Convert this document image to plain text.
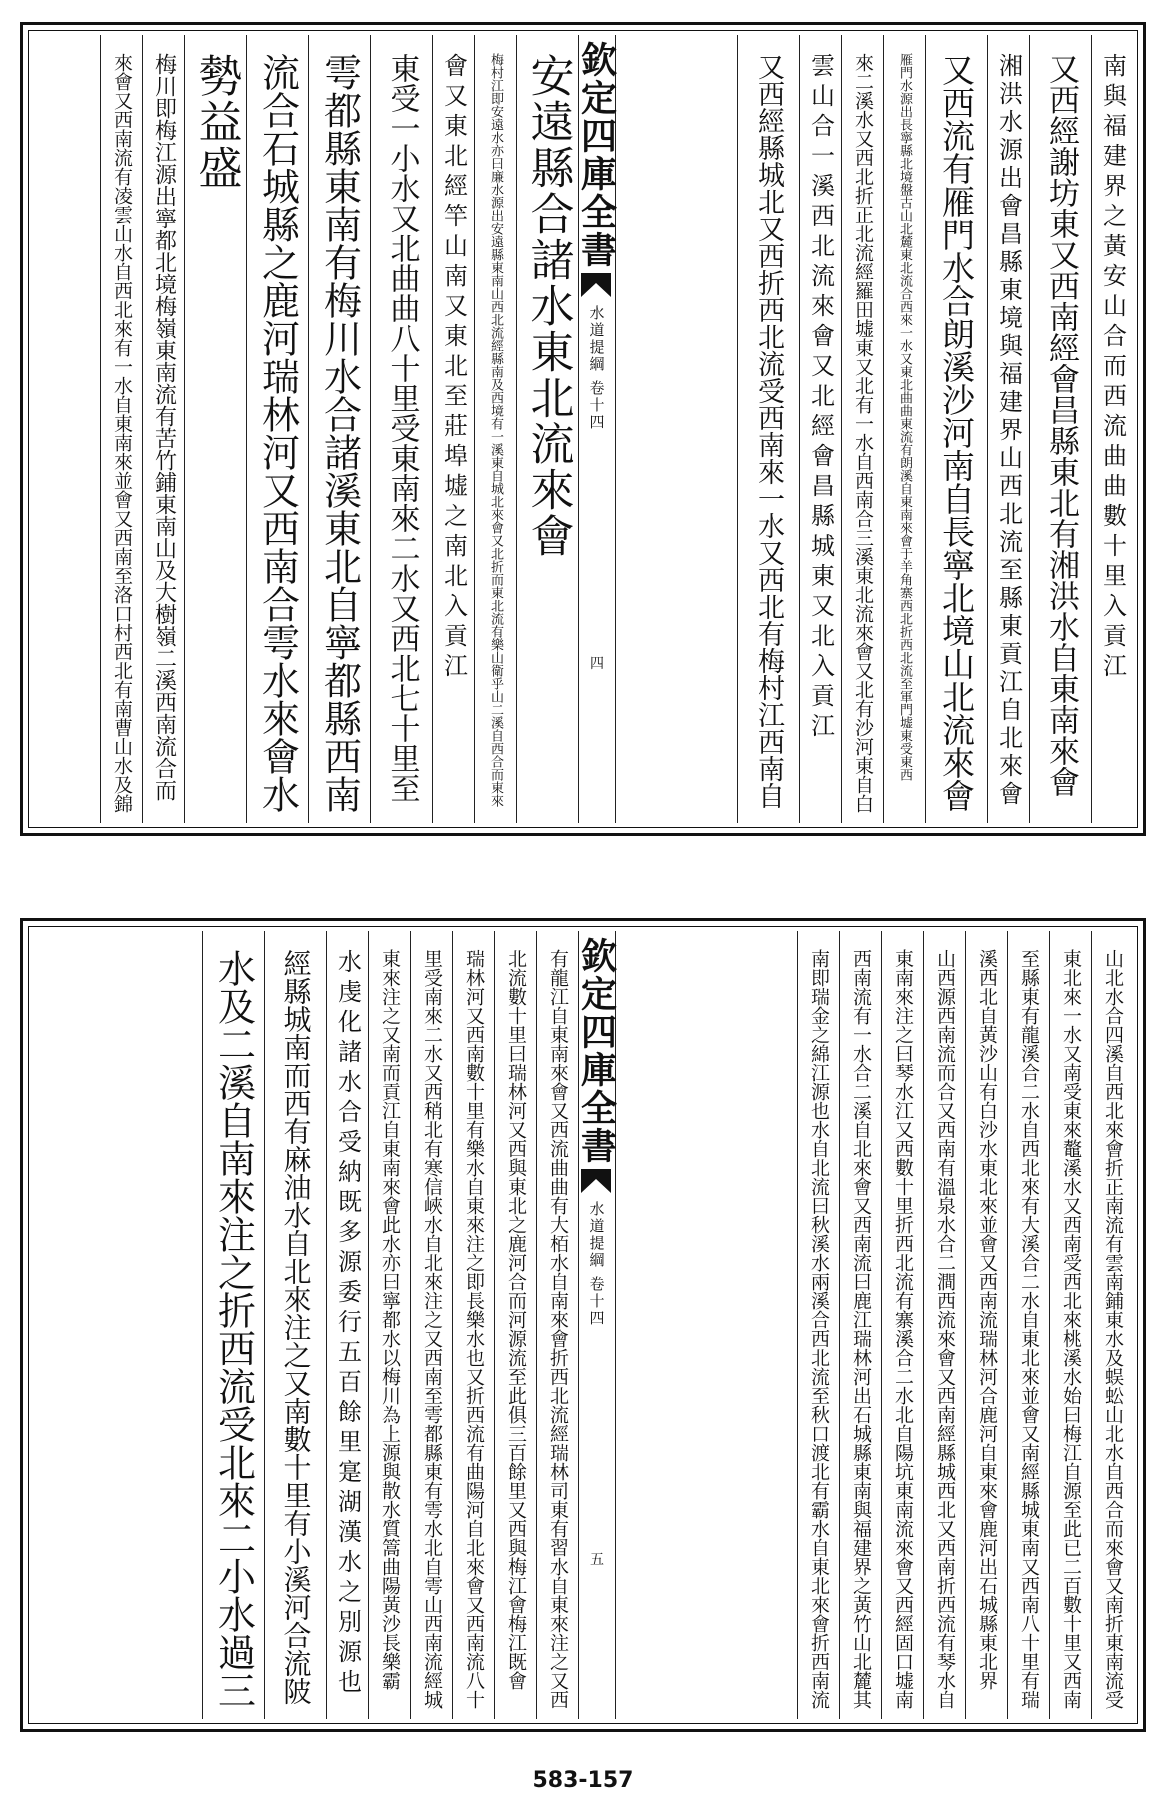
南與福建界之黃安山合而西流曲曲數十里入貢江
又西經謝坊東又西南經會昌縣東北有湘洪水自東南來會
湘洪水源出會昌縣東境與福建界山西北流至縣東貢江自北來會
又西流有雁門水合朗溪沙河南自長寧北境山北流來會
雁門水源出長寧縣北境盤古山北麓東北流合西來一水又東北曲曲東流有朗溪自東南來會于羊角寨西北折西北流至軍門墟東受東西
來二溪水又西北折正北流經羅田墟東又北有一水自西南合三溪東北流來會又北有沙河東自白
雲山合一溪西北流來會又北經會昌縣城東又北入貢江
又西經縣城北又西折西北流受西南來一水又西北有梅村江西南自
欽定四庫全書
水道提綱 卷十四
四
安遠縣合諸水東北流來會
梅村江即安遠水亦曰廉水源出安遠縣東南山西北流經縣南及西境有一溪東自城北來會又北折而東北流有樂山衛乎山二溪自西合而東來
會又東北經竿山南又東北至莊埠墟之南北入貢江
東受一小水又北曲曲八十里受東南來二水又西北七十里至
雩都縣東南有梅川水合諸溪東北自寧都縣西南
流合石城縣之鹿河瑞林河又西南合雩水來會水
勢益盛
梅川即梅江源出寧都北境梅嶺東南流有苦竹鋪東南山及大樹嶺二溪西南流合而
來會又西南流有凌雲山水自西北來有一水自東南來並會又西南至洛口村西北有南曹山水及錦
山北水合四溪自西北來會折正南流有雲南鋪東水及蜈蚣山北水自西合而來會又南折東南流受
東北來一水又南受東來鼇溪水又西南受西北來桃溪水始曰梅江自源至此已二百數十里又西南
至縣東有龍溪合二水自西北來有大溪合二水自東北來並會又南經縣城東南又西南八十里有瑞
溪西北自黃沙山有白沙水東北來並會又西南流瑞林河合鹿河自東來會鹿河出石城縣東北界
山西源西南流而合又西南有溫泉水合二澗西流來會又西南經縣城西北又西南折西流有琴水自
東南來注之曰琴水江又西數十里折西北流有寨溪合二水北自陽坑東南流來會又西經固口墟南
西南流有一水合二溪自北來會又西南流曰鹿江瑞林河出石城縣東南與福建界之黃竹山北麓其
南即瑞金之綿江源也水自北流曰秋溪水兩溪合西北流至秋口渡北有霸水自東北來會折西南流
欽定四庫全書
水道提綱 卷十四
五
有龍江自東南來會又西流曲曲有大栢水自南來會折西北流經瑞林司東有習水自東來注之又西
北流數十里曰瑞林河又西與東北之鹿河合而河源流至此俱三百餘里又西與梅江會梅江既會
瑞林河又西南數十里有樂水自東來注之即長樂水也又折西流有曲陽河自北來會又西南流八十
里受南來二水又西稍北有寒信峽水自北來注之又西南至雩都縣東有雩水北自雩山西南流經城
東來注之又南而貢江自東南來會此水亦曰寧都水以梅川為上源與散水質篙曲陽黃沙長樂霸
水虔化諸水合受納既多源委行五百餘里寔湖漢水之別源也
經縣城南而西有麻油水自北來注之又南數十里有小溪河合流陂
水及二溪自南來注之折西流受北來二小水過三
583-157
